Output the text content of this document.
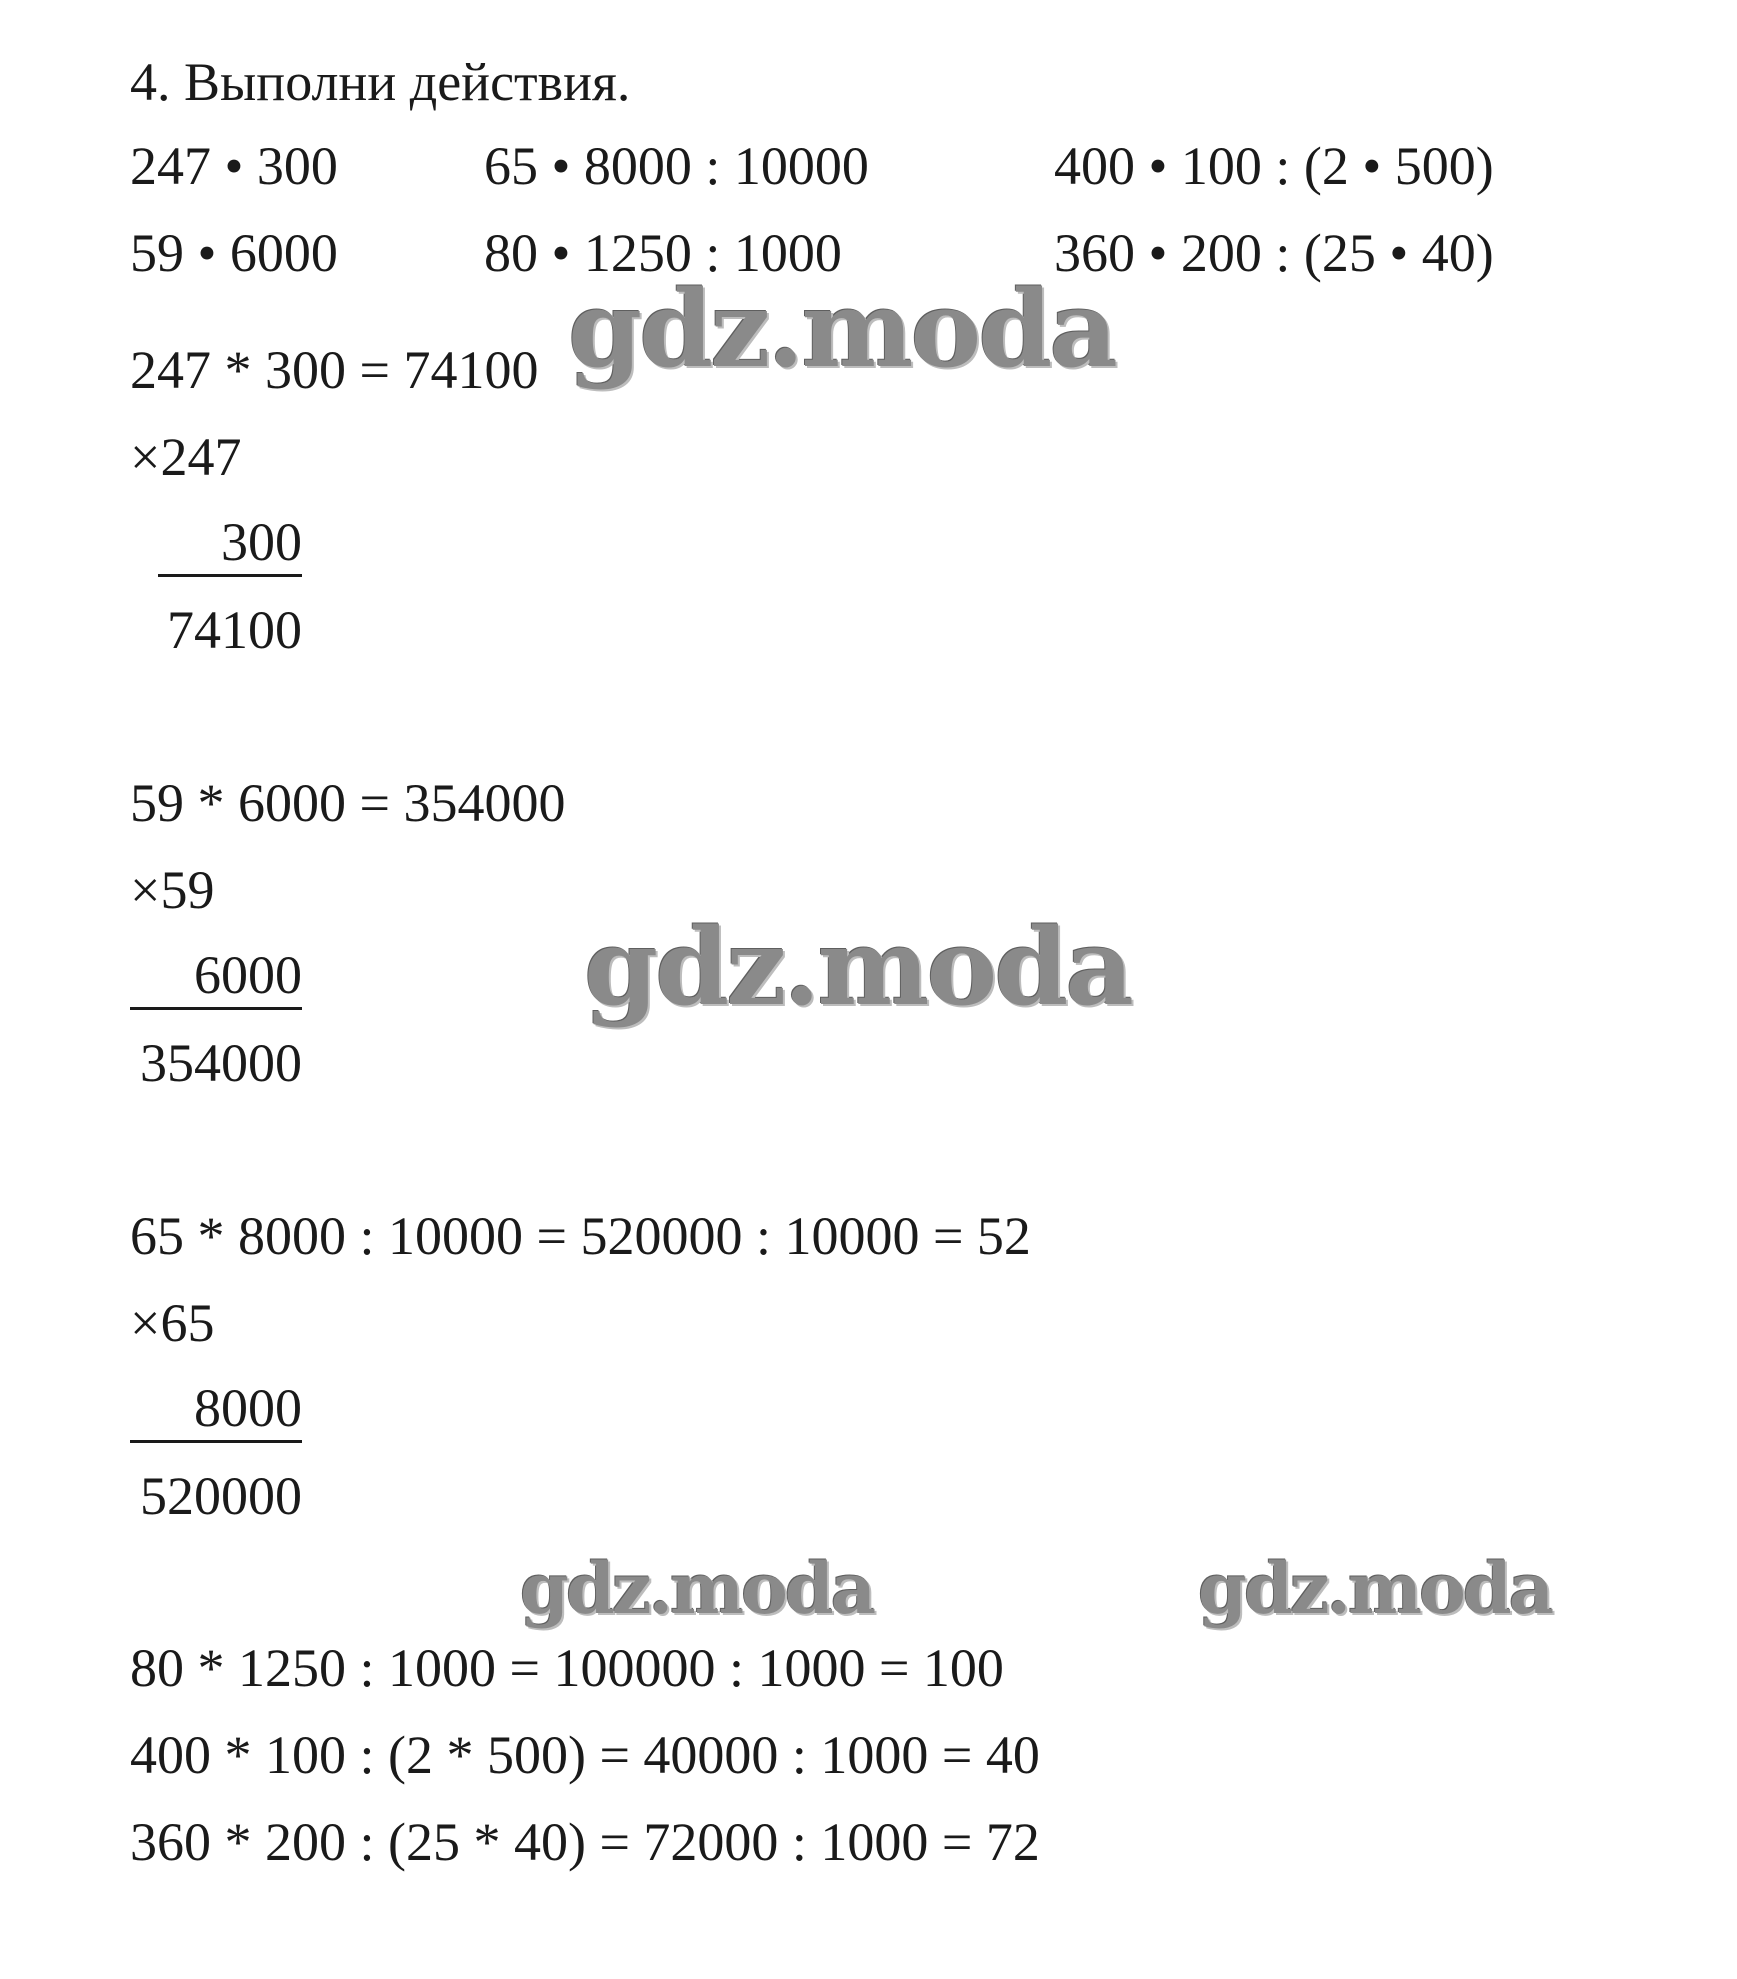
4. Выполни действия.
247 • 300	65 • 8000 : 10000	400 • 100 : (2 • 500)
59 • 6000	80 • 1250 : 1000	360 • 200 : (25 • 40)
247 * 300 = 74100
×247
300
74100
59 * 6000 = 354000
×59
6000
354000
65 * 8000 : 10000 = 520000 : 10000 = 52
×65
8000
520000
80 * 1250 : 1000 = 100000 : 1000 = 100
400 * 100 : (2 * 500) = 40000 : 1000 = 40
360 * 200 : (25 * 40) = 72000 : 1000 = 72
gdz.moda
gdz.moda
gdz.moda	gdz.moda
